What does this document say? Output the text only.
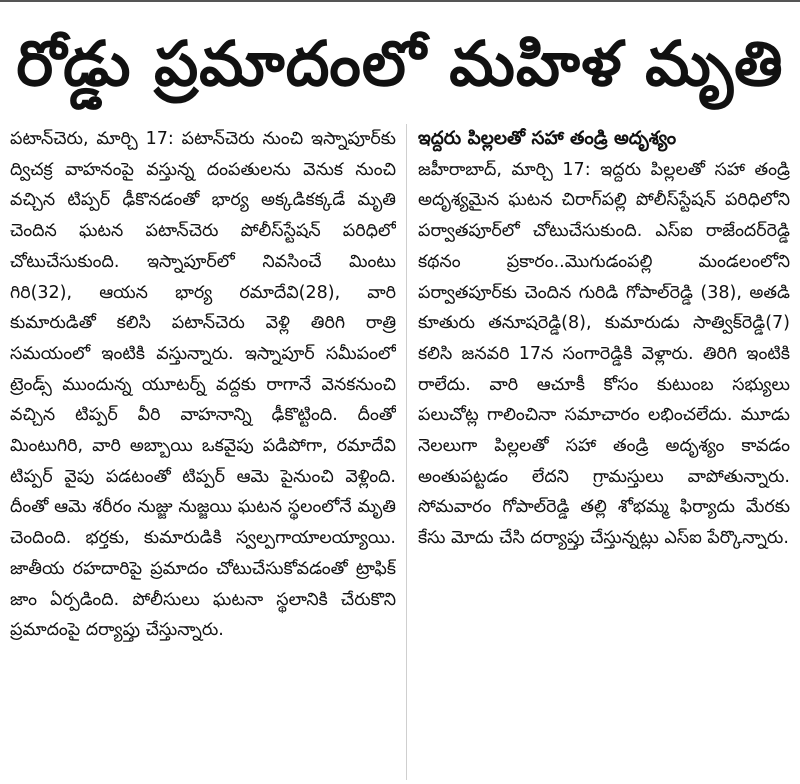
రోడ్డు ప్రమాదంలో మహిళ మృతి

పటాన్‌చెరు, మార్చి 17: పటాన్‌చెరు నుంచి ఇస్నాపూర్‌కు ద్విచక్ర వాహనంపై వస్తున్న దంపతులను వెనుక నుంచి వచ్చిన టిప్పర్ ఢీకొనడంతో భార్య అక్కడికక్కడే మృతి చెందిన ఘటన పటాన్‌చెరు పోలీస్‌స్టేషన్ పరిధిలో చోటుచేసుకుంది. ఇస్నాపూర్‌లో నివసించే మింటు గిరి(32), ఆయన భార్య రమాదేవి(28), వారి కుమారుడితో కలిసి పటాన్‌చెరు వెళ్లి తిరిగి రాత్రి సమయంలో ఇంటికి వస్తున్నారు. ఇస్నాపూర్ సమీపంలో ట్రెండ్స్ ముందున్న యూటర్న్ వద్దకు రాగానే వెనకనుంచి వచ్చిన టిప్పర్ వీరి వాహనాన్ని ఢీకొట్టింది. దీంతో మింటుగిరి, వారి అబ్బాయి ఒకవైపు పడిపోగా, రమాదేవి టిప్పర్ వైపు పడటంతో టిప్పర్ ఆమె పైనుంచి వెళ్లింది. దీంతో ఆమె శరీరం నుజ్జు నుజ్జయి ఘటన స్థలంలోనే మృతి చెందింది. భర్తకు, కుమారుడికి స్వల్పగాయాలయ్యాయి. జాతీయ రహదారిపై ప్రమాదం చోటుచేసుకోవడంతో ట్రాఫిక్ జాం ఏర్పడింది. పోలీసులు ఘటనా స్థలానికి చేరుకొని ప్రమాదంపై దర్యాప్తు చేస్తున్నారు.

ఇద్దరు పిల్లలతో సహా తండ్రి అదృశ్యం

జహీరాబాద్, మార్చి 17: ఇద్దరు పిల్లలతో సహా తండ్రి అదృశ్యమైన ఘటన చిరాగ్‌పల్లి పోలీస్‌స్టేషన్ పరిధిలోని పర్వాతపూర్‌లో చోటుచేసుకుంది. ఎస్ఐ రాజేందర్‌రెడ్డి కథనం ప్రకారం..మొగుడంపల్లి మండలంలోని పర్వాతపూర్‌కు చెందిన గురిడి గోపాల్‌రెడ్డి (38), అతడి కూతురు తనూషరెడ్డి(8), కుమారుడు సాత్విక్‌రెడ్డి(7) కలిసి జనవరి 17న సంగారెడ్డికి వెళ్లారు. తిరిగి ఇంటికి రాలేదు. వారి ఆచూకీ కోసం కుటుంబ సభ్యులు పలుచోట్ల గాలించినా సమాచారం లభించలేదు. మూడు నెలలుగా పిల్లలతో సహా తండ్రి అదృశ్యం కావడం అంతుపట్టడం లేదని గ్రామస్తులు వాపోతున్నారు. సోమవారం గోపాల్‌రెడ్డి తల్లి శోభమ్మ ఫిర్యాదు మేరకు కేసు మోదు చేసి దర్యాప్తు చేస్తున్నట్లు ఎస్ఐ పేర్కొన్నారు.
